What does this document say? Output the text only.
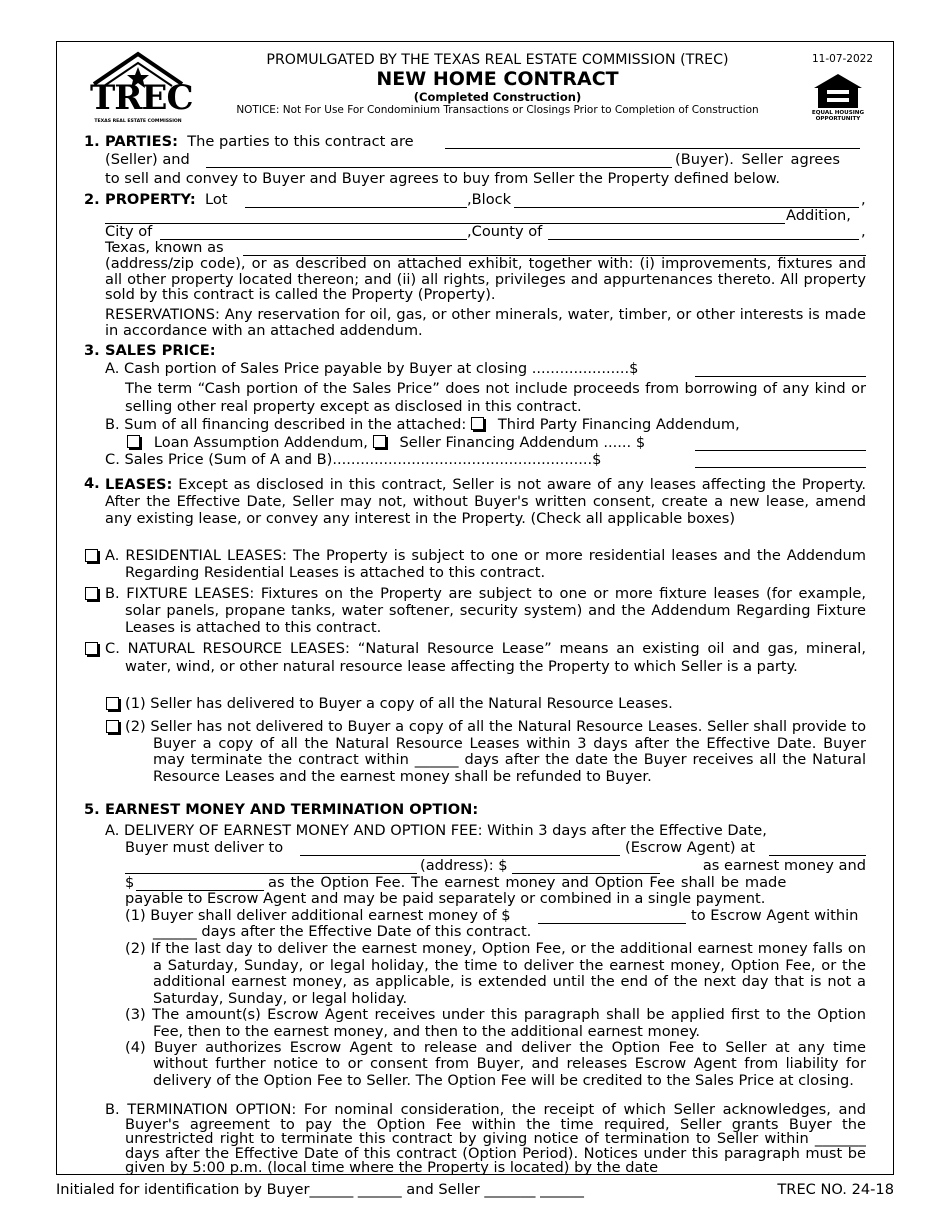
TREC
TEXAS REAL ESTATE COMMISSION
PROMULGATED BY THE TEXAS REAL ESTATE COMMISSION (TREC)	11-07-2022
NEW HOME CONTRACT
(Completed Construction)
NOTICE: Not For Use For Condominium Transactions or Closings Prior to Completion of Construction	EQUAL HOUSING OPPORTUNITY
1. PARTIES: The parties to this contract are
(Seller) and	(Buyer). Seller agrees
to sell and convey to Buyer and Buyer agrees to buy from Seller the Property defined below.
2. PROPERTY: Lot	,Block	,
Addition,
City of	,County of	,
Texas, known as
(address/zip code), or as described on attached exhibit, together with: (i) improvements, fixtures and all other property located thereon; and (ii) all rights, privileges and appurtenances thereto. All property sold by this contract is called the Property (Property).
RESERVATIONS: Any reservation for oil, gas, or other minerals, water, timber, or other interests is made in accordance with an attached addendum.
3. SALES PRICE:
A. Cash portion of Sales Price payable by Buyer at closing .....................$
The term “Cash portion of the Sales Price” does not include proceeds from borrowing of any kind or selling other real property except as disclosed in this contract.
B. Sum of all financing described in the attached: Third Party Financing Addendum,
Loan Assumption Addendum, Seller Financing Addendum ...... $
C. Sales Price (Sum of A and B)........................................................$
4. LEASES: Except as disclosed in this contract, Seller is not aware of any leases affecting the Property. After the Effective Date, Seller may not, without Buyer's written consent, create a new lease, amend any existing lease, or convey any interest in the Property. (Check all applicable boxes)
A. RESIDENTIAL LEASES: The Property is subject to one or more residential leases and the Addendum Regarding Residential Leases is attached to this contract.
B. FIXTURE LEASES: Fixtures on the Property are subject to one or more fixture leases (for example, solar panels, propane tanks, water softener, security system) and the Addendum Regarding Fixture Leases is attached to this contract.
C. NATURAL RESOURCE LEASES: “Natural Resource Lease” means an existing oil and gas, mineral, water, wind, or other natural resource lease affecting the Property to which Seller is a party.
(1) Seller has delivered to Buyer a copy of all the Natural Resource Leases.
(2) Seller has not delivered to Buyer a copy of all the Natural Resource Leases. Seller shall provide to Buyer a copy of all the Natural Resource Leases within 3 days after the Effective Date. Buyer may terminate the contract within ______ days after the date the Buyer receives all the Natural Resource Leases and the earnest money shall be refunded to Buyer.
5. EARNEST MONEY AND TERMINATION OPTION:
A. DELIVERY OF EARNEST MONEY AND OPTION FEE: Within 3 days after the Effective Date,
Buyer must deliver to	(Escrow Agent) at
(address): $	as earnest money and
$	as the Option Fee. The earnest money and Option Fee shall be made
payable to Escrow Agent and may be paid separately or combined in a single payment.
(1) Buyer shall deliver additional earnest money of $	to Escrow Agent within
______ days after the Effective Date of this contract.
(2) If the last day to deliver the earnest money, Option Fee, or the additional earnest money falls on a Saturday, Sunday, or legal holiday, the time to deliver the earnest money, Option Fee, or the additional earnest money, as applicable, is extended until the end of the next day that is not a Saturday, Sunday, or legal holiday.
(3) The amount(s) Escrow Agent receives under this paragraph shall be applied first to the Option Fee, then to the earnest money, and then to the additional earnest money.
(4) Buyer authorizes Escrow Agent to release and deliver the Option Fee to Seller at any time without further notice to or consent from Buyer, and releases Escrow Agent from liability for delivery of the Option Fee to Seller. The Option Fee will be credited to the Sales Price at closing.
B. TERMINATION OPTION: For nominal consideration, the receipt of which Seller acknowledges, and Buyer's agreement to pay the Option Fee within the time required, Seller grants Buyer the unrestricted right to terminate this contract by giving notice of termination to Seller within _______ days after the Effective Date of this contract (Option Period). Notices under this paragraph must be given by 5:00 p.m. (local time where the Property is located) by the date
Initialed for identification by Buyer______ ______ and Seller _______ ______	TREC NO. 24-18
